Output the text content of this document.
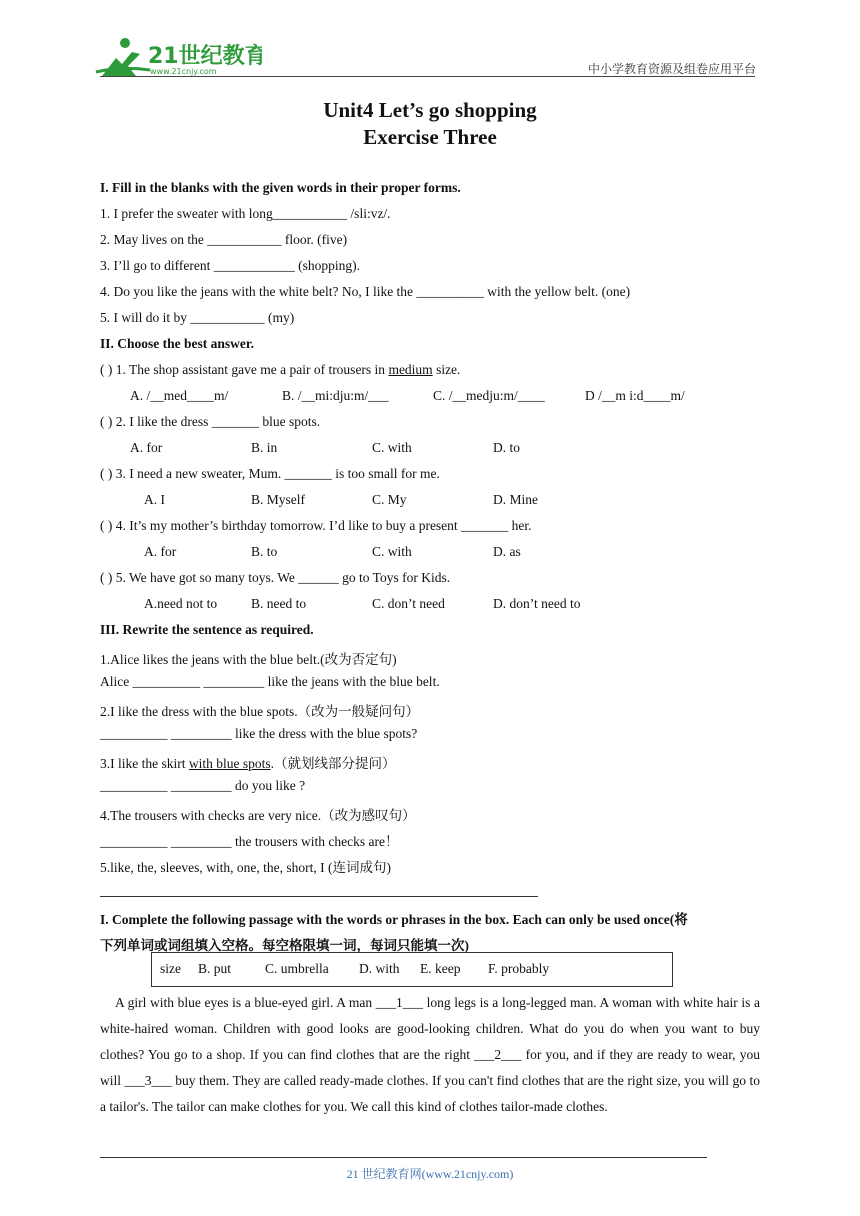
21世纪教育
www.21cnjy.com	中小学教育资源及组卷应用平台
Unit4 Let’s go shopping
Exercise Three
I. Fill in the blanks with the given words in their proper forms.
1. I prefer the sweater with long___________ /sli:vz/.
2. May lives on the ___________ floor. (five)
3. I’ll go to different ____________ (shopping).
4. Do you like the jeans with the white belt? No, I like the __________ with the yellow belt. (one)
5. I will do it by ___________ (my)
II. Choose the best answer.
( ) 1. The shop assistant gave me a pair of trousers in medium size.
A. /__med____m/	B. /__mi:dju:m/___	C. /__medju:m/____	D /__m i:d____m/
( ) 2. I like the dress _______ blue spots.
A. for	B. in	C. with	D. to
( ) 3. I need a new sweater, Mum. _______ is too small for me.
A. I	B. Myself	C. My	D. Mine
( ) 4. It’s my mother’s birthday tomorrow. I’d like to buy a present _______ her.
A. for	B. to	C. with	D. as
( ) 5. We have got so many toys. We ______ go to Toys for Kids.
A.need not to	B. need to	C. don’t need	D. don’t need to
III. Rewrite the sentence as required.
1.Alice likes the jeans with the blue belt.(改为否定句)
Alice __________ _________ like the jeans with the blue belt.
2.I like the dress with the blue spots.（改为一般疑问句）
__________ _________ like the dress with the blue spots?
3.I like the skirt with blue spots.（就划线部分提问）
__________ _________ do you like ?
4.The trousers with checks are very nice.（改为感叹句）
__________ _________ the trousers with checks are！
5.like, the, sleeves, with, one, the, short, I (连词成句)
I. Complete the following passage with the words or phrases in the box. Each can only be used once(将
下列单词或词组填入空格。每空格限填一词，每词只能填一次)
size B. put	C. umbrella D. with E. keep F. probably

A girl with blue eyes is a blue-eyed girl. A man ___1___ long legs is a long-legged man. A woman with white hair is a white-haired woman. Children with good looks are good-looking children. What do you do when you want to buy clothes? You go to a shop. If you can find clothes that are the right ___2___ for you, and if they are ready to wear, you will ___3___ buy them. They are called ready-made clothes. If you can't find clothes that are the right size, you will go to a tailor's. The tailor can make clothes for you. We call this kind of clothes tailor-made clothes.

21 世纪教育网(www.21cnjy.com)
